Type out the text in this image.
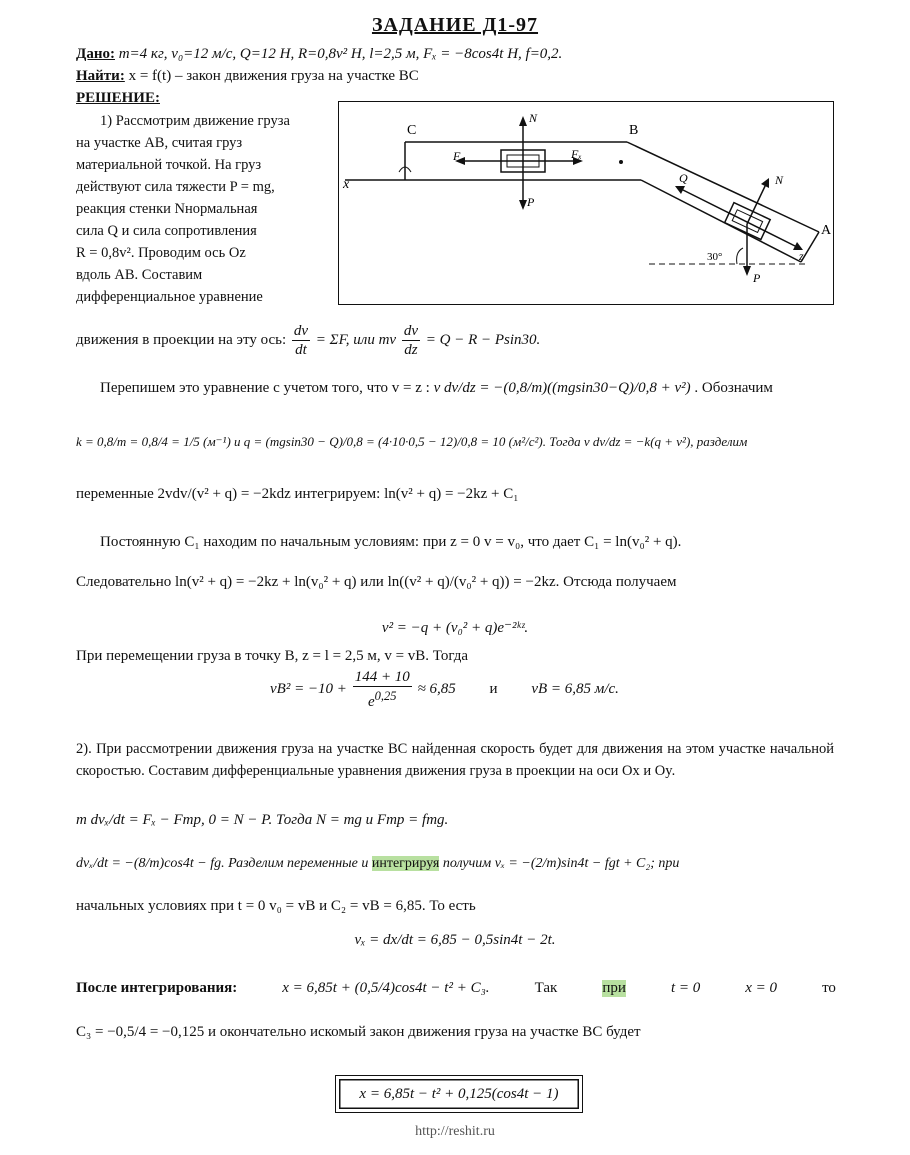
ЗАДАНИЕ Д1-97
Дано: m=4 кг, v₀=12 м/с, Q=12 Н, R=0,8v² Н, l=2,5 м, Fₓ = −8cos4t Н, f=0,2.
Найти: x = f(t) – закон движения груза на участке ВС
РЕШЕНИЕ:

1) Рассмотрим движение груза

на участке АВ, считая груз

материальной точкой. На груз

действуют сила тяжести P = mg,

реакция стенки Nнормальная

сила Q и сила сопротивления

R = 0,8v². Проводим ось Oz

вдоль АВ. Составим

дифференциальное уравнение

C	B
A
x
N
P
F	Fₓ
Q	N
z
P
30°
движения в проекции на эту ось: $\frac{dv}{dt} = \Sigma F$, или mv $\frac{dv}{dz} = Q - R - Psin30$.
Перепишем это уравнение с учетом того, что v = z : v dv/dz = −(0,8/m)((mgsin30−Q)/0,8 + v²) . Обозначим
k = 0,8/m = 0,8/4 = 1/5 (м⁻¹) и q = (mgsin30 − Q)/0,8 = (4·10·0,5 − 12)/0,8 = 10 (м²/с²). Тогда v dv/dz = −k(q + v²), разделим
переменные 2vdv/(v² + q) = −2kdz интегрируем: ln(v² + q) = −2kz + C₁
Постоянную C₁ находим по начальным условиям: при z = 0 v = v₀, что дает C₁ = ln(v₀² + q).
Следовательно ln(v² + q) = −2kz + ln(v₀² + q) или ln((v² + q)/(v₀² + q)) = −2kz. Отсюда получаем
v² = −q + (v₀² + q)e⁻²ᵏᶻ.
При перемещении груза в точку В, z = l = 2,5 м, v = vB. Тогда
$vB^2 = -10 + \frac{144 + 10}{e^{0,25}} \approx 6,85$ и vB = 6,85 м/с.
2). При рассмотрении движения груза на участке ВС найденная скорость будет для движения на этом участке начальной скоростью. Составим дифференциальные уравнения движения груза в проекции на оси Ox и Oy.
m dvₓ/dt = Fₓ − Fтр, 0 = N − P. Тогда N = mg и Fтр = fmg.
dvₓ/dt = −(8/m)cos4t − fg. Разделим переменные и интегрируя получим vₓ = −(2/m)sin4t − fgt + C₂; при
начальных условиях при t = 0 v₀ = vB и C₂ = vB = 6,85. То есть
vₓ = dx/dt = 6,85 − 0,5sin4t − 2t.
После интегрирования:	x = 6,85t + (0,5/4)cos4t − t² + C₃.	Так	при	t = 0	x = 0	то
C₃ = −0,5/4 = −0,125 и окончательно искомый закон движения груза на участке ВС будет
x = 6,85t − t² + 0,125(cos4t − 1)
http://reshit.ru
